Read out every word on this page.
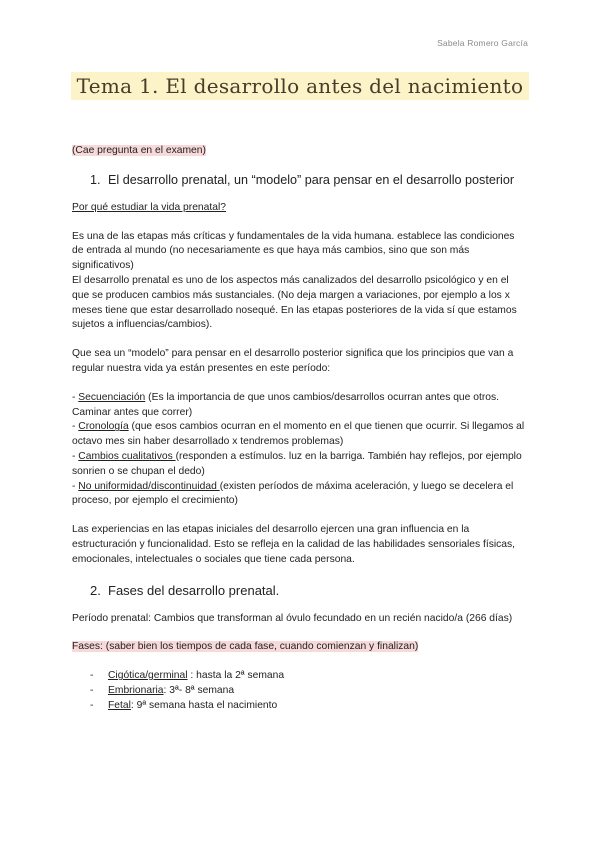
Sabela Romero García
Tema 1. El desarrollo antes del nacimiento

(Cae pregunta en el examen)

1. El desarrollo prenatal, un “modelo” para pensar en el desarrollo posterior

Por qué estudiar la vida prenatal?

Es una de las etapas más críticas y fundamentales de la vida humana. establece las condiciones de entrada al mundo (no necesariamente es que haya más cambios, sino que son más significativos)

El desarrollo prenatal es uno de los aspectos más canalizados del desarrollo psicológico y en el que se producen cambios más sustanciales. (No deja margen a variaciones, por ejemplo a los x meses tiene que estar desarrollado nosequé. En las etapas posteriores de la vida sí que estamos sujetos a influencias/cambios).

Que sea un “modelo” para pensar en el desarrollo posterior significa que los principios que van a regular nuestra vida ya están presentes en este período:

- Secuenciación (Es la importancia de que unos cambios/desarrollos ocurran antes que otros. Caminar antes que correr)

- Cronología (que esos cambios ocurran en el momento en el que tienen que ocurrir. Si llegamos al octavo mes sin haber desarrollado x tendremos problemas)

- Cambios cualitativos (responden a estímulos. luz en la barriga. También hay reflejos, por ejemplo sonrien o se chupan el dedo)

- No uniformidad/discontinuidad (existen períodos de máxima aceleración, y luego se decelera el proceso, por ejemplo el crecimiento)

Las experiencias en las etapas iniciales del desarrollo ejercen una gran influencia en la estructuración y funcionalidad. Esto se refleja en la calidad de las habilidades sensoriales físicas, emocionales, intelectuales o sociales que tiene cada persona.

2. Fases del desarrollo prenatal.

Período prenatal: Cambios que transforman al óvulo fecundado en un recién nacido/a (266 días)

Fases: (saber bien los tiempos de cada fase, cuando comienzan y finalizan)

-	Cigótica/germinal : hasta la 2ª semana
-	Embrionaria: 3ª- 8ª semana
-	Fetal: 9ª semana hasta el nacimiento
